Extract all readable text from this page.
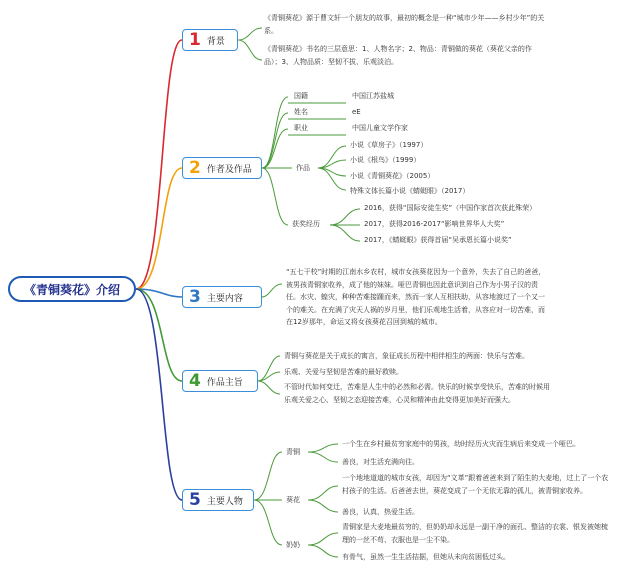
《青铜葵花》介绍
1 背景
2 作者及作品
3 主要内容
4 作品主旨
5 主要人物
《青铜葵花》源于曹文轩一个朋友的故事，最初的概念是一种“城市少年——乡村少年”的关系。
《青铜葵花》书名的三层意思：1、人物名字；2、物品：青铜做的葵花（葵花父亲的作品）；3、人物品质：坚韧不拔、乐观淡泊。
国籍	中国江苏盐城
姓名	eE
职业	中国儿童文学作家
作品
小说《草房子》（1997）
小说《根鸟》（1999）
小说《青铜葵花》（2005）
特殊文体长篇小说《蜻蜓眼》（2017）
获奖经历
2016，获得“国际安徒生奖”（中国作家首次获此殊荣）
2017，获得2016-2017“影响世界华人大奖”
2017，《蜻蜓眼》获得首届“吴承恩长篇小说奖”
“五七干校”时期的江南水乡农村，城市女孩葵花因为一个意外，失去了自己的爸爸，被男孩青铜家收养，成了他的妹妹。哑巴青铜也因此意识到自己作为小男子汉的责任。水灾、蝗灾，种种苦难接踵而来，然而一家人互相扶助，从容地渡过了一个又一个的难关。在充满了灾天人祸的岁月里，他们乐观地生活着，从容应对一切苦难，而在12岁那年，命运又将女孩葵花召回到城的城市。
青铜与葵花是关于成长的寓言，象征成长历程中相伴相生的两面：快乐与苦难。
乐观、关爱与坚韧是苦难的最好救赎。
不管时代如何变迁，苦难是人生中的必然和必需。快乐的时候享受快乐，苦难的时候用乐观关爱之心、坚韧之态迎接苦难，心灵和精神由此变得更加美好而强大。
青铜
一个生在乡村最贫穷家庭中的男孩，幼时经历火灾而生病后来变成一个哑巴。
善良，对生活充满向往。
葵花
一个地地道道的城市女孩，却因为“文革”跟着爸爸来到了陌生的大麦地，过上了一个农村孩子的生活。后爸爸去世，葵花变成了一个无依无靠的孤儿，被青铜家收养。
善良，认真，热爱生活。
奶奶
青铜家是大麦地最贫穷的，但奶奶却永远是一副干净的面孔、整洁的衣裳、银发被她梳理的一丝不苟、衣服也是一尘不染。
有骨气，虽然一生生活拮据，但她从未向贫困低过头。
